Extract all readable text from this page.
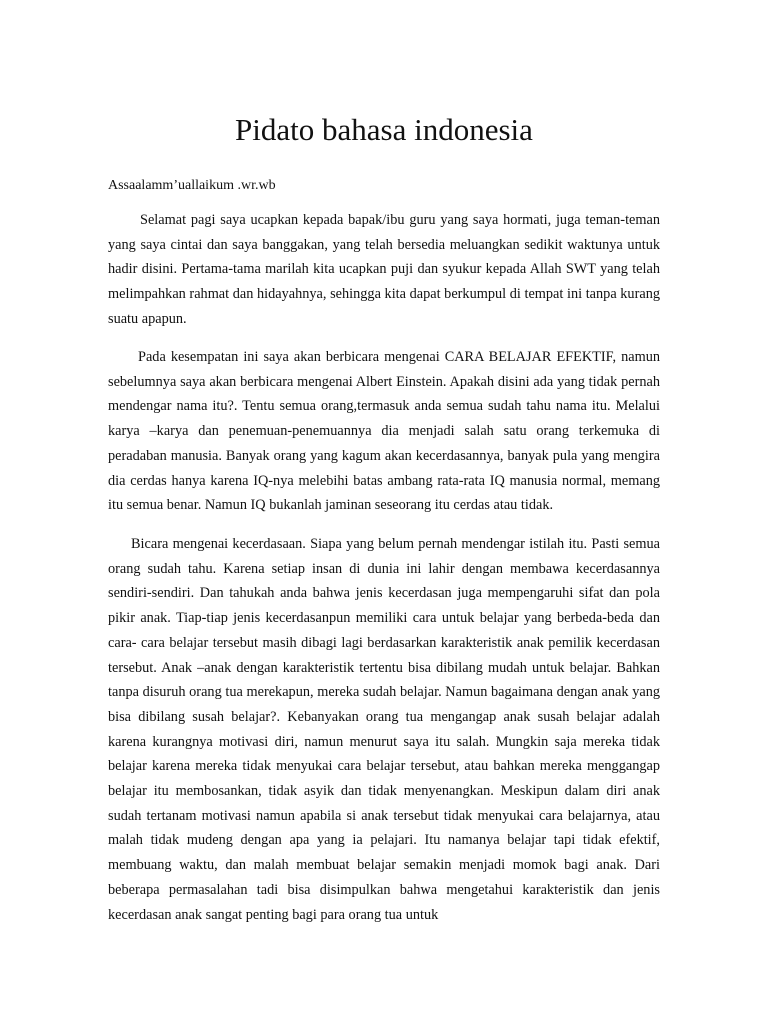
Pidato bahasa indonesia

Assaalamm’uallaikum .wr.wb

Selamat pagi saya ucapkan kepada bapak/ibu guru yang saya hormati, juga teman-teman yang saya cintai dan saya banggakan, yang telah bersedia meluangkan sedikit waktunya untuk hadir disini. Pertama-tama marilah kita ucapkan puji dan syukur kepada Allah SWT yang telah melimpahkan rahmat dan hidayahnya, sehingga kita dapat berkumpul di tempat ini tanpa kurang suatu apapun.

Pada kesempatan ini saya akan berbicara mengenai CARA BELAJAR EFEKTIF, namun sebelumnya saya akan berbicara mengenai Albert Einstein. Apakah disini ada yang tidak pernah mendengar nama itu?. Tentu semua orang,termasuk anda semua sudah tahu nama itu. Melalui karya –karya dan penemuan-penemuannya dia menjadi salah satu orang terkemuka di peradaban manusia. Banyak orang yang kagum akan kecerdasannya, banyak pula yang mengira dia cerdas hanya karena IQ-nya melebihi batas ambang rata-rata IQ manusia normal, memang itu semua benar. Namun IQ bukanlah jaminan seseorang itu cerdas atau tidak.

Bicara mengenai kecerdasaan. Siapa yang belum pernah mendengar istilah itu. Pasti semua orang sudah tahu. Karena setiap insan di dunia ini lahir dengan membawa kecerdasannya sendiri-sendiri. Dan tahukah anda bahwa jenis kecerdasan juga mempengaruhi sifat dan pola pikir anak. Tiap-tiap jenis kecerdasanpun memiliki cara untuk belajar yang berbeda-beda dan cara- cara belajar tersebut masih dibagi lagi berdasarkan karakteristik anak pemilik kecerdasan tersebut. Anak –anak dengan karakteristik tertentu bisa dibilang mudah untuk belajar. Bahkan tanpa disuruh orang tua merekapun, mereka sudah belajar. Namun bagaimana dengan anak yang bisa dibilang susah belajar?. Kebanyakan orang tua mengangap anak susah belajar adalah karena kurangnya motivasi diri, namun menurut saya itu salah. Mungkin saja mereka tidak belajar karena mereka tidak menyukai cara belajar tersebut, atau bahkan mereka menggangap belajar itu membosankan, tidak asyik dan tidak menyenangkan. Meskipun dalam diri anak sudah tertanam motivasi namun apabila si anak tersebut tidak menyukai cara belajarnya, atau malah tidak mudeng dengan apa yang ia pelajari. Itu namanya belajar tapi tidak efektif, membuang waktu, dan malah membuat belajar semakin menjadi momok bagi anak. Dari beberapa permasalahan tadi bisa disimpulkan bahwa mengetahui karakteristik dan jenis kecerdasan anak sangat penting bagi para orang tua untuk
